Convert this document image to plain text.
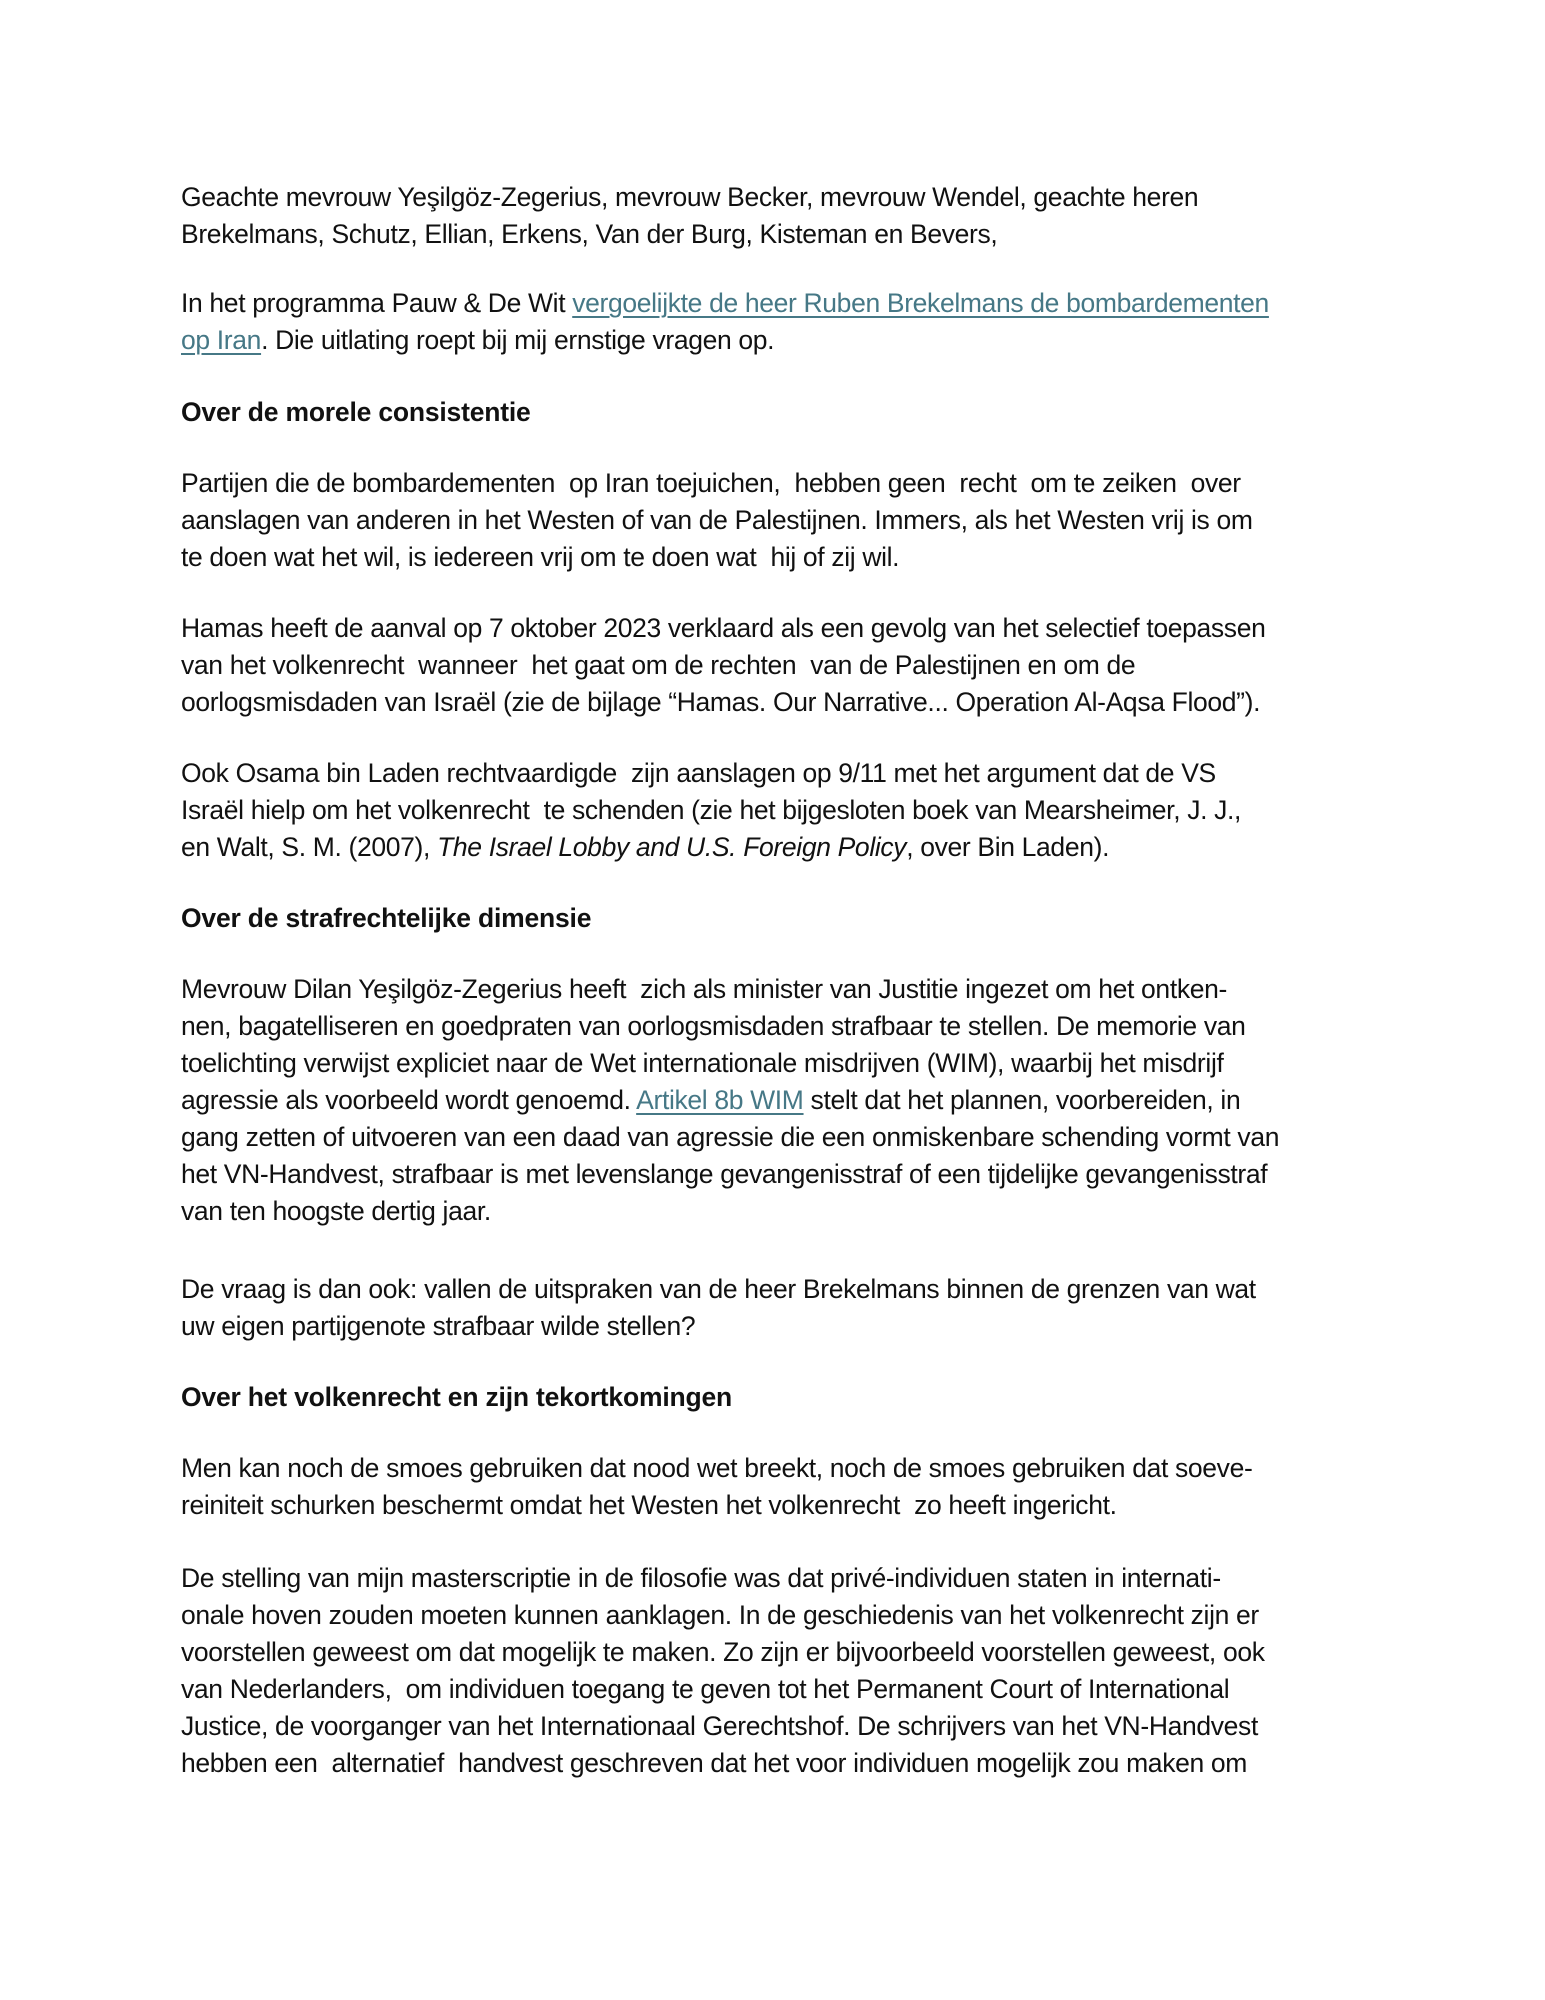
Geachte mevrouw Yeşilgöz-Zegerius, mevrouw Becker, mevrouw Wendel, geachte heren
Brekelmans, Schutz, Ellian, Erkens, Van der Burg, Kisteman en Bevers,
In het programma Pauw & De Wit vergoelijkte de heer Ruben Brekelmans de bombardementen
op Iran. Die uitlating roept bij mij ernstige vragen op.
Over de morele consistentie
Partijen die de bombardementen  op Iran toejuichen,  hebben geen  recht  om te zeiken  over
aanslagen van anderen in het Westen of van de Palestijnen. Immers, als het Westen vrij is om
te doen wat het wil, is iedereen vrij om te doen wat  hij of zij wil.
Hamas heeft de aanval op 7 oktober 2023 verklaard als een gevolg van het selectief toepassen
van het volkenrecht  wanneer  het gaat om de rechten  van de Palestijnen en om de
oorlogsmisdaden van Israël (zie de bijlage “Hamas. Our Narrative... Operation Al-Aqsa Flood”).
Ook Osama bin Laden rechtvaardigde  zijn aanslagen op 9/11 met het argument dat de VS
Israël hielp om het volkenrecht  te schenden (zie het bijgesloten boek van Mearsheimer, J. J.,
en Walt, S. M. (2007), The Israel Lobby and U.S. Foreign Policy, over Bin Laden).
Over de strafrechtelijke dimensie
Mevrouw Dilan Yeşilgöz-Zegerius heeft  zich als minister van Justitie ingezet om het ontken-
nen, bagatelliseren en goedpraten van oorlogsmisdaden strafbaar te stellen. De memorie van
toelichting verwijst expliciet naar de Wet internationale misdrijven (WIM), waarbij het misdrijf
agressie als voorbeeld wordt genoemd. Artikel 8b WIM stelt dat het plannen, voorbereiden, in
gang zetten of uitvoeren van een daad van agressie die een onmiskenbare schending vormt van
het VN-Handvest, strafbaar is met levenslange gevangenisstraf of een tijdelijke gevangenisstraf
van ten hoogste dertig jaar.
De vraag is dan ook: vallen de uitspraken van de heer Brekelmans binnen de grenzen van wat
uw eigen partijgenote strafbaar wilde stellen?
Over het volkenrecht en zijn tekortkomingen
Men kan noch de smoes gebruiken dat nood wet breekt, noch de smoes gebruiken dat soeve-
reiniteit schurken beschermt omdat het Westen het volkenrecht  zo heeft ingericht.
De stelling van mijn masterscriptie in de filosofie was dat privé-individuen staten in internati-
onale hoven zouden moeten kunnen aanklagen. In de geschiedenis van het volkenrecht zijn er
voorstellen geweest om dat mogelijk te maken. Zo zijn er bijvoorbeeld voorstellen geweest, ook
van Nederlanders,  om individuen toegang te geven tot het Permanent Court of International
Justice, de voorganger van het Internationaal Gerechtshof. De schrijvers van het VN-Handvest
hebben een  alternatief  handvest geschreven dat het voor individuen mogelijk zou maken om
